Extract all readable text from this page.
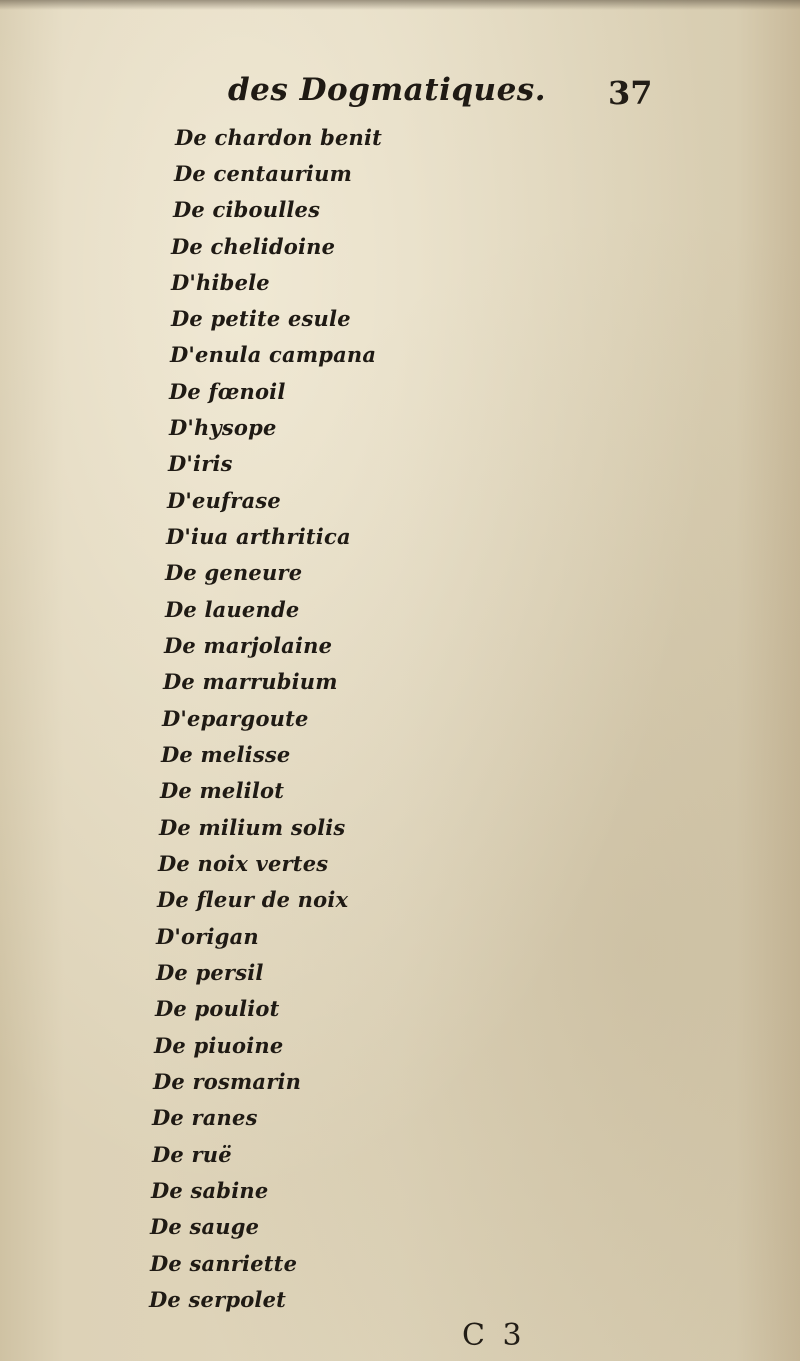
des Dogmatiques. 37
De chardon benit
De centaurium
De ciboulles
De chelidoine
D'hibele
De petite esule
D'enula campana
De fœnoil
D'hysope
D'iris
D'eufrase
D'iua arthritica
De geneure
De lauende
De marjolaine
De marrubium
D'epargoute
De melisse
De melilot
De milium solis
De noix vertes
De fleur de noix
D'origan
De persil
De pouliot
De piuoine
De rosmarin
De ranes
De ruë
De sabine
De sauge
De sanriette
De serpolet
C 3
